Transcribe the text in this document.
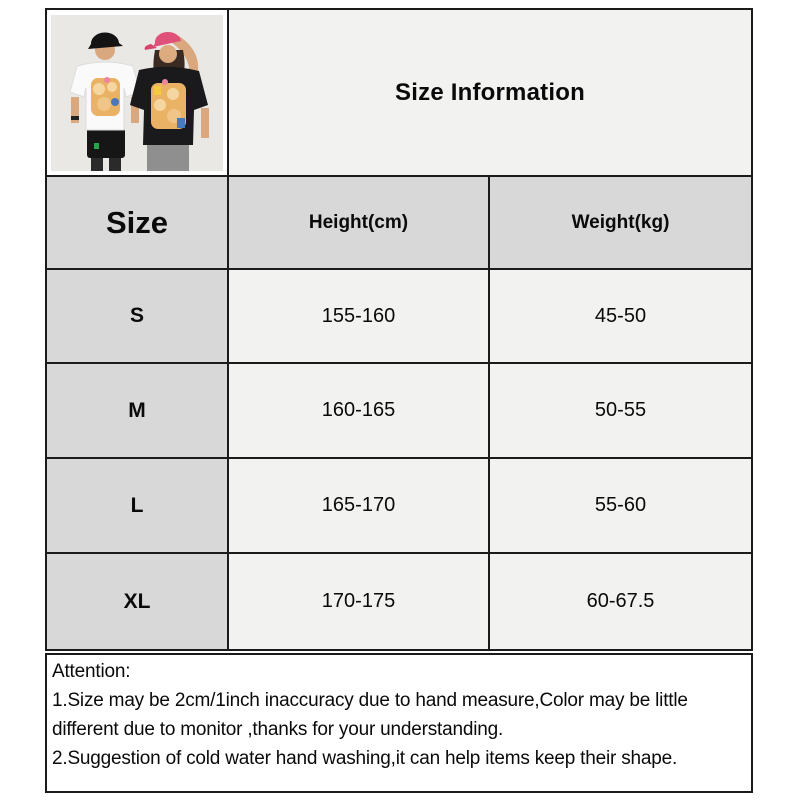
Size Information
Size	Height(cm)	Weight(kg)
S	155-160	45-50
M	160-165	50-55
L	165-170	55-60
XL	170-175	60-67.5
Attention:
1.Size may be 2cm/1inch inaccuracy due to hand measure,Color may be little
different due to monitor ,thanks for your understanding.
2.Suggestion of cold water hand washing,it can help items keep their shape.
